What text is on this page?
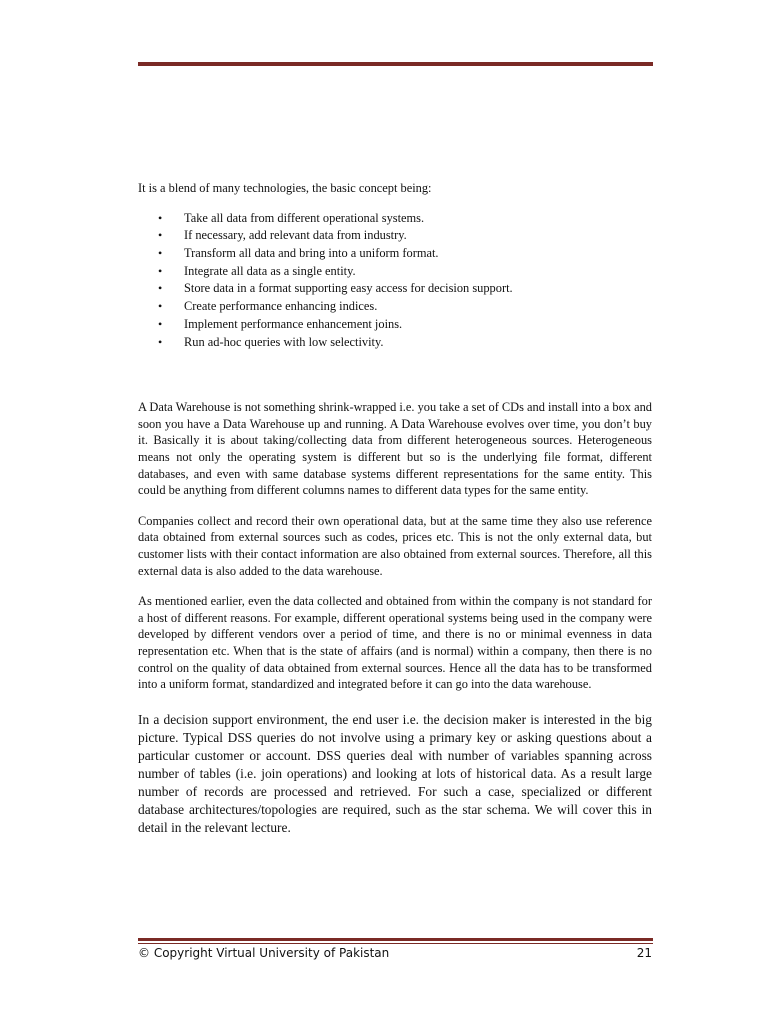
It is a blend of many technologies, the basic concept being:

• Take all data from different operational systems.
• If necessary, add relevant data from industry.
• Transform all data and bring into a uniform format.
• Integrate all data as a single entity.
• Store data in a format supporting easy access for decision support.
• Create performance enhancing indices.
• Implement performance enhancement joins.
• Run ad-hoc queries with low selectivity.

A Data Warehouse is not something shrink-wrapped i.e. you take a set of CDs and install into a box and soon you have a Data Warehouse up and running. A Data Warehouse evolves over time, you don’t buy it. Basically it is about taking/collecting data from different heterogeneous sources. Heterogeneous means not only the operating system is different but so is the underlying file format, different databases, and even with same database systems different representations for the same entity. This could be anything from different columns names to different data types for the same entity.

Companies collect and record their own operational data, but at the same time they also use reference data obtained from external sources such as codes, prices etc. This is not the only external data, but customer lists with their contact information are also obtained from external sources. Therefore, all this external data is also added to the data warehouse.

As mentioned earlier, even the data collected and obtained from within the company is not standard for a host of different reasons. For example, different operational systems being used in the company were developed by different vendors over a period of time, and there is no or minimal evenness in data representation etc. When that is the state of affairs (and is normal) within a company, then there is no control on the quality of data obtained from external sources. Hence all the data has to be transformed into a uniform format, standardized and integrated before it can go into the data warehouse.

In a decision support environment, the end user i.e. the decision maker is interested in the big picture. Typical DSS queries do not involve using a primary key or asking questions about a particular customer or account. DSS queries deal with number of variables spanning across number of tables (i.e. join operations) and looking at lots of historical data. As a result large number of records are processed and retrieved. For such a case, specialized or different database architectures/topologies are required, such as the star schema. We will cover this in detail in the relevant lecture.

© Copyright Virtual University of Pakistan	21
